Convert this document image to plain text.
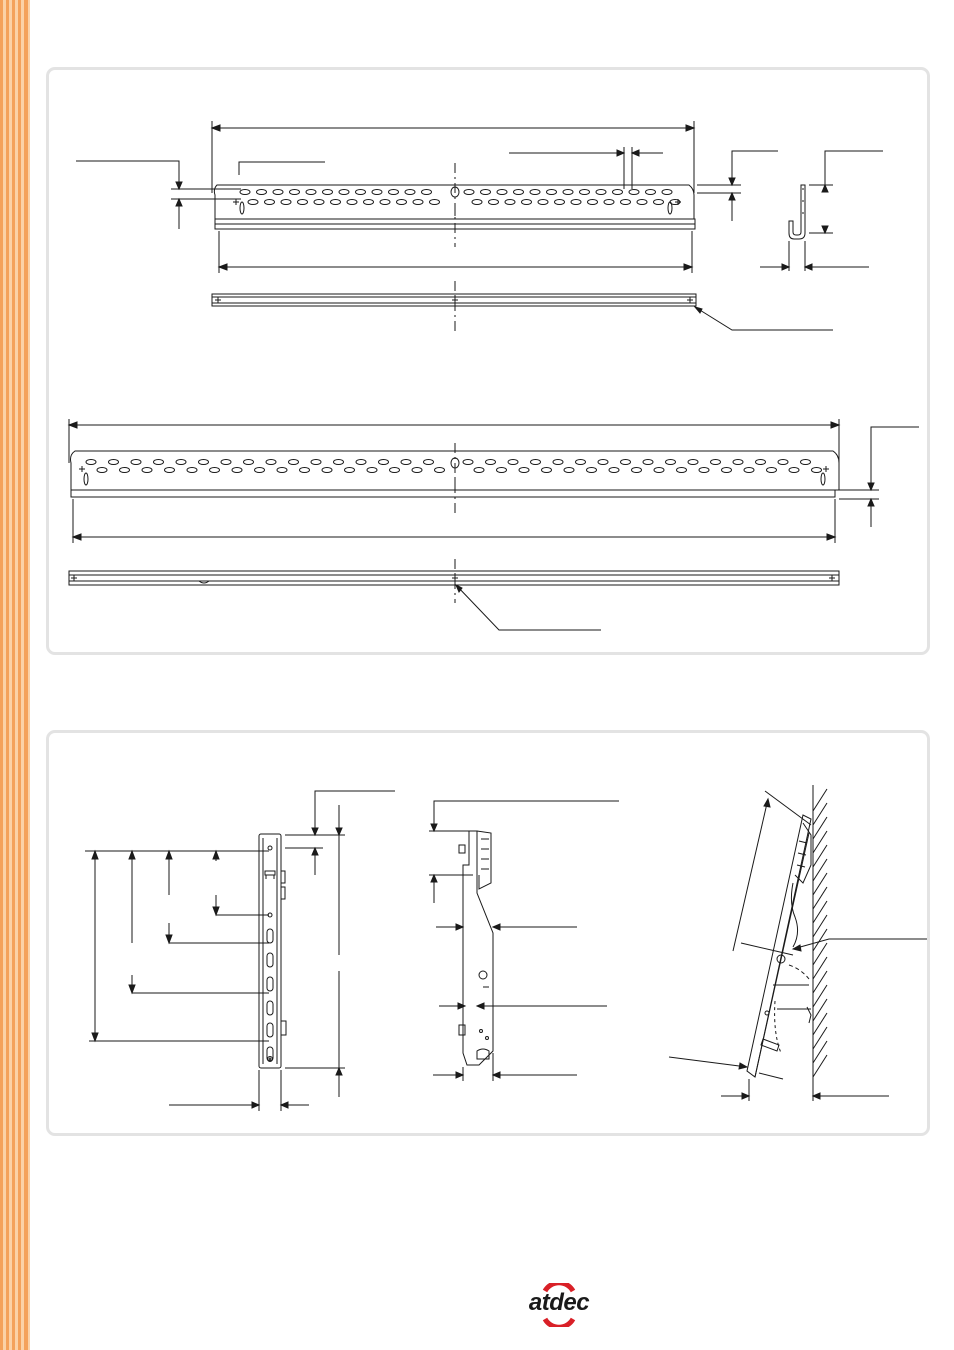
atdec
